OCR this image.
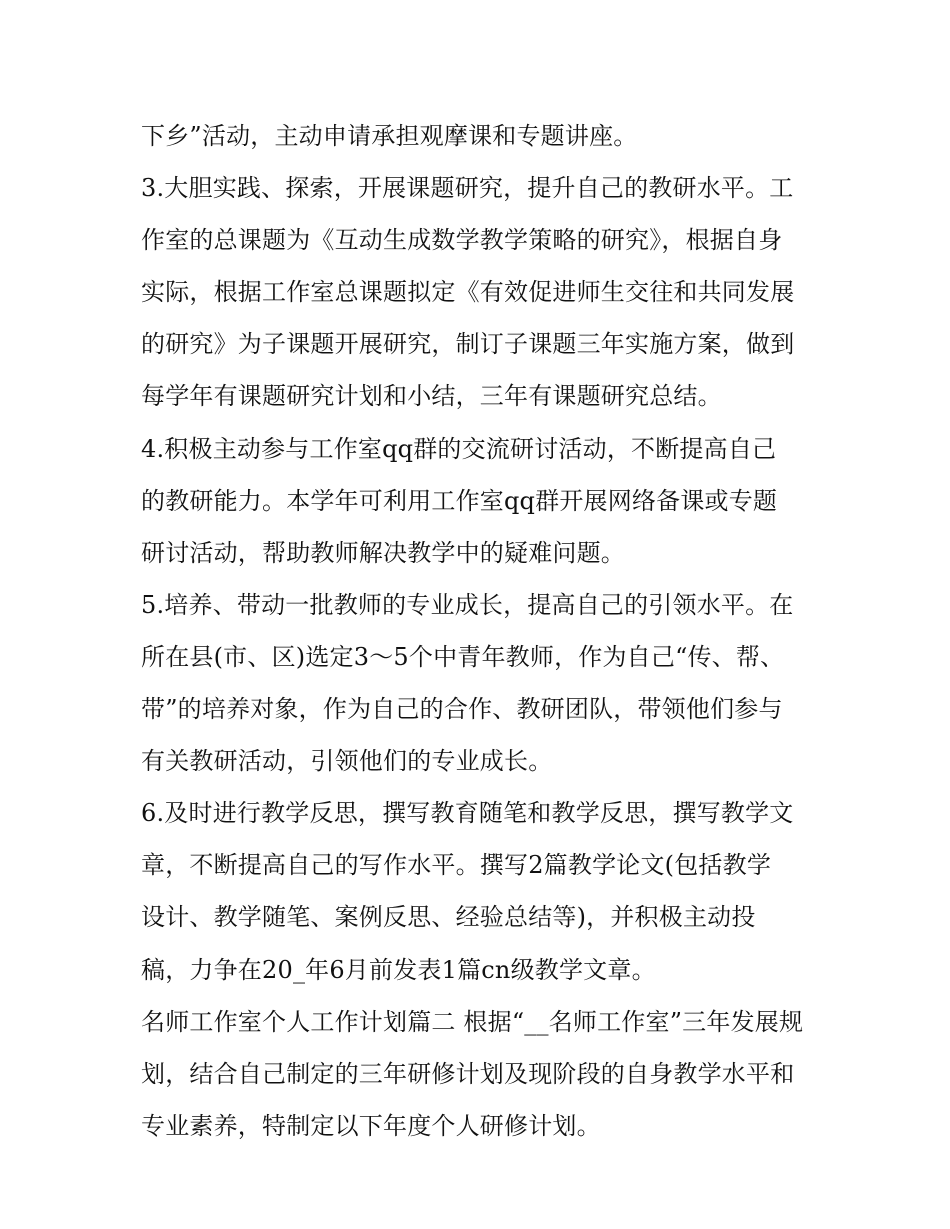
下乡”活动，主动申请承担观摩课和专题讲座。
3.大胆实践、探索，开展课题研究，提升自己的教研水平。工
作室的总课题为《互动生成数学教学策略的研究》，根据自身
实际，根据工作室总课题拟定《有效促进师生交往和共同发展
的研究》为子课题开展研究，制订子课题三年实施方案，做到
每学年有课题研究计划和小结，三年有课题研究总结。
4.积极主动参与工作室qq群的交流研讨活动，不断提高自己
的教研能力。本学年可利用工作室qq群开展网络备课或专题
研讨活动，帮助教师解决教学中的疑难问题。
5.培养、带动一批教师的专业成长，提高自己的引领水平。在
所在县(市、区)选定3～5个中青年教师，作为自己“传、帮、
带”的培养对象，作为自己的合作、教研团队，带领他们参与
有关教研活动，引领他们的专业成长。
6.及时进行教学反思，撰写教育随笔和教学反思，撰写教学文
章，不断提高自己的写作水平。撰写2篇教学论文(包括教学
设计、教学随笔、案例反思、经验总结等)，并积极主动投
稿，力争在20_年6月前发表1篇cn级教学文章。
名师工作室个人工作计划篇二 根据“__名师工作室”三年发展规
划，结合自己制定的三年研修计划及现阶段的自身教学水平和
专业素养，特制定以下年度个人研修计划。
